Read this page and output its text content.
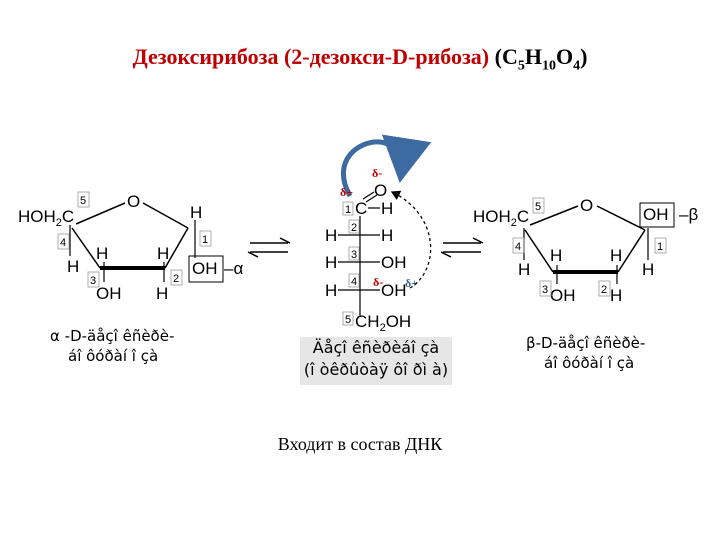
Дезоксирибоза (2-дезокси-D-рибоза) $(C_5H_{10}O_4)$
$HOH_2C$
O
H
H	H
H
OH H
OH –α
5
4
3	2
1
δ-
δ+ O
C H
1
H	H
2
H	OH
3
H	OH
4 δ- δ+
5 $CH_2OH$
$HOH_2C$
O	OH –β
H	H
H	H
OH H
5
4
3	2
1
α -D-äåçî êñèðè-
áî ôóðàí î çà	Äåçî êñèðèáî çà
(î òêðûòàÿ ôî ðì à)
β-D-äåçî êñèðè-
áî ôóðàí î çà
Входит в состав ДНК
